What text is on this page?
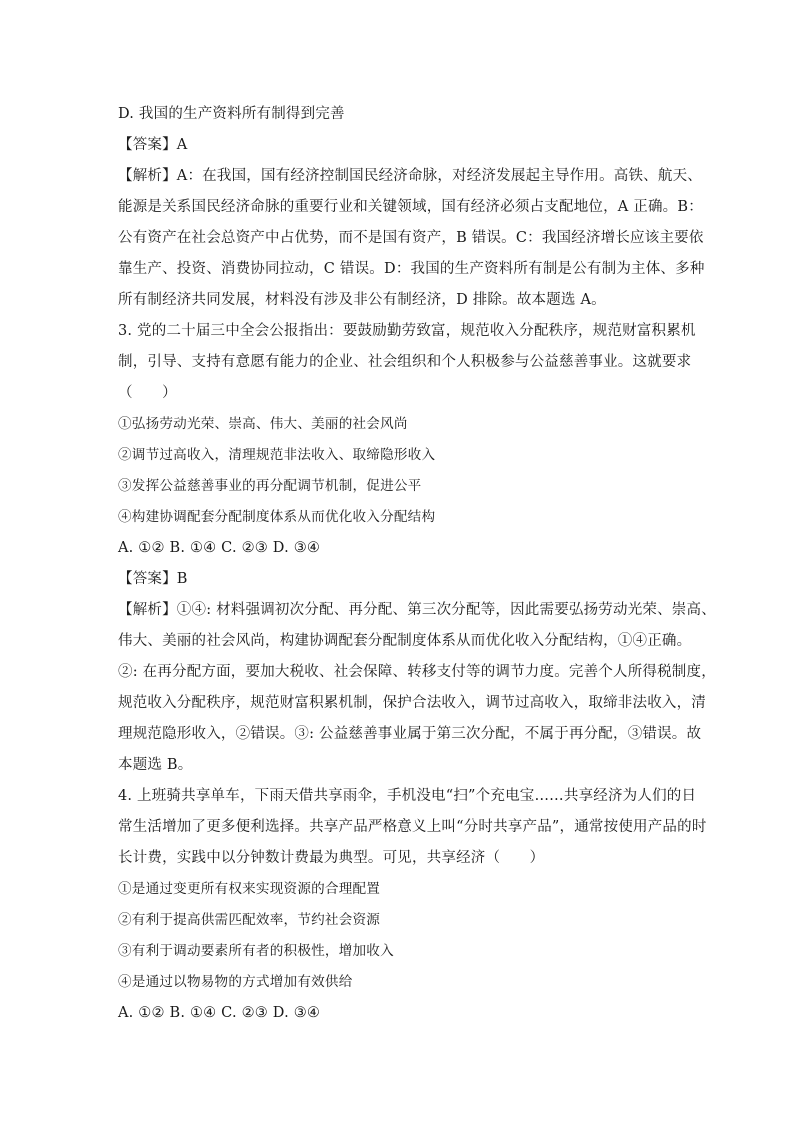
D. 我国的生产资料所有制得到完善
【答案】A
【解析】A：在我国，国有经济控制国民经济命脉，对经济发展起主导作用。高铁、航天、
能源是关系国民经济命脉的重要行业和关键领域，国有经济必须占支配地位，A 正确。B：
公有资产在社会总资产中占优势，而不是国有资产，B 错误。C：我国经济增长应该主要依
靠生产、投资、消费协同拉动，C 错误。D：我国的生产资料所有制是公有制为主体、多种
所有制经济共同发展，材料没有涉及非公有制经济，D 排除。故本题选 A。
3. 党的二十届三中全会公报指出：要鼓励勤劳致富，规范收入分配秩序，规范财富积累机
制，引导、支持有意愿有能力的企业、社会组织和个人积极参与公益慈善事业。这就要求
（　　）
①弘扬劳动光荣、崇高、伟大、美丽的社会风尚
②调节过高收入，清理规范非法收入、取缔隐形收入
③发挥公益慈善事业的再分配调节机制，促进公平
④构建协调配套分配制度体系从而优化收入分配结构
A. ①② B. ①④ C. ②③ D. ③④
【答案】B
【解析】①④: 材料强调初次分配、再分配、第三次分配等，因此需要弘扬劳动光荣、崇高、
伟大、美丽的社会风尚，构建协调配套分配制度体系从而优化收入分配结构，①④正确。
②: 在再分配方面，要加大税收、社会保障、转移支付等的调节力度。完善个人所得税制度，
规范收入分配秩序，规范财富积累机制，保护合法收入，调节过高收入，取缔非法收入，清
理规范隐形收入，②错误。③: 公益慈善事业属于第三次分配，不属于再分配，③错误。故
本题选 B。
4. 上班骑共享单车，下雨天借共享雨伞，手机没电“扫”个充电宝……共享经济为人们的日
常生活增加了更多便利选择。共享产品严格意义上叫“分时共享产品”，通常按使用产品的时
长计费，实践中以分钟数计费最为典型。可见，共享经济（　　）
①是通过变更所有权来实现资源的合理配置
②有利于提高供需匹配效率，节约社会资源
③有利于调动要素所有者的积极性，增加收入
④是通过以物易物的方式增加有效供给
A. ①② B. ①④ C. ②③ D. ③④
